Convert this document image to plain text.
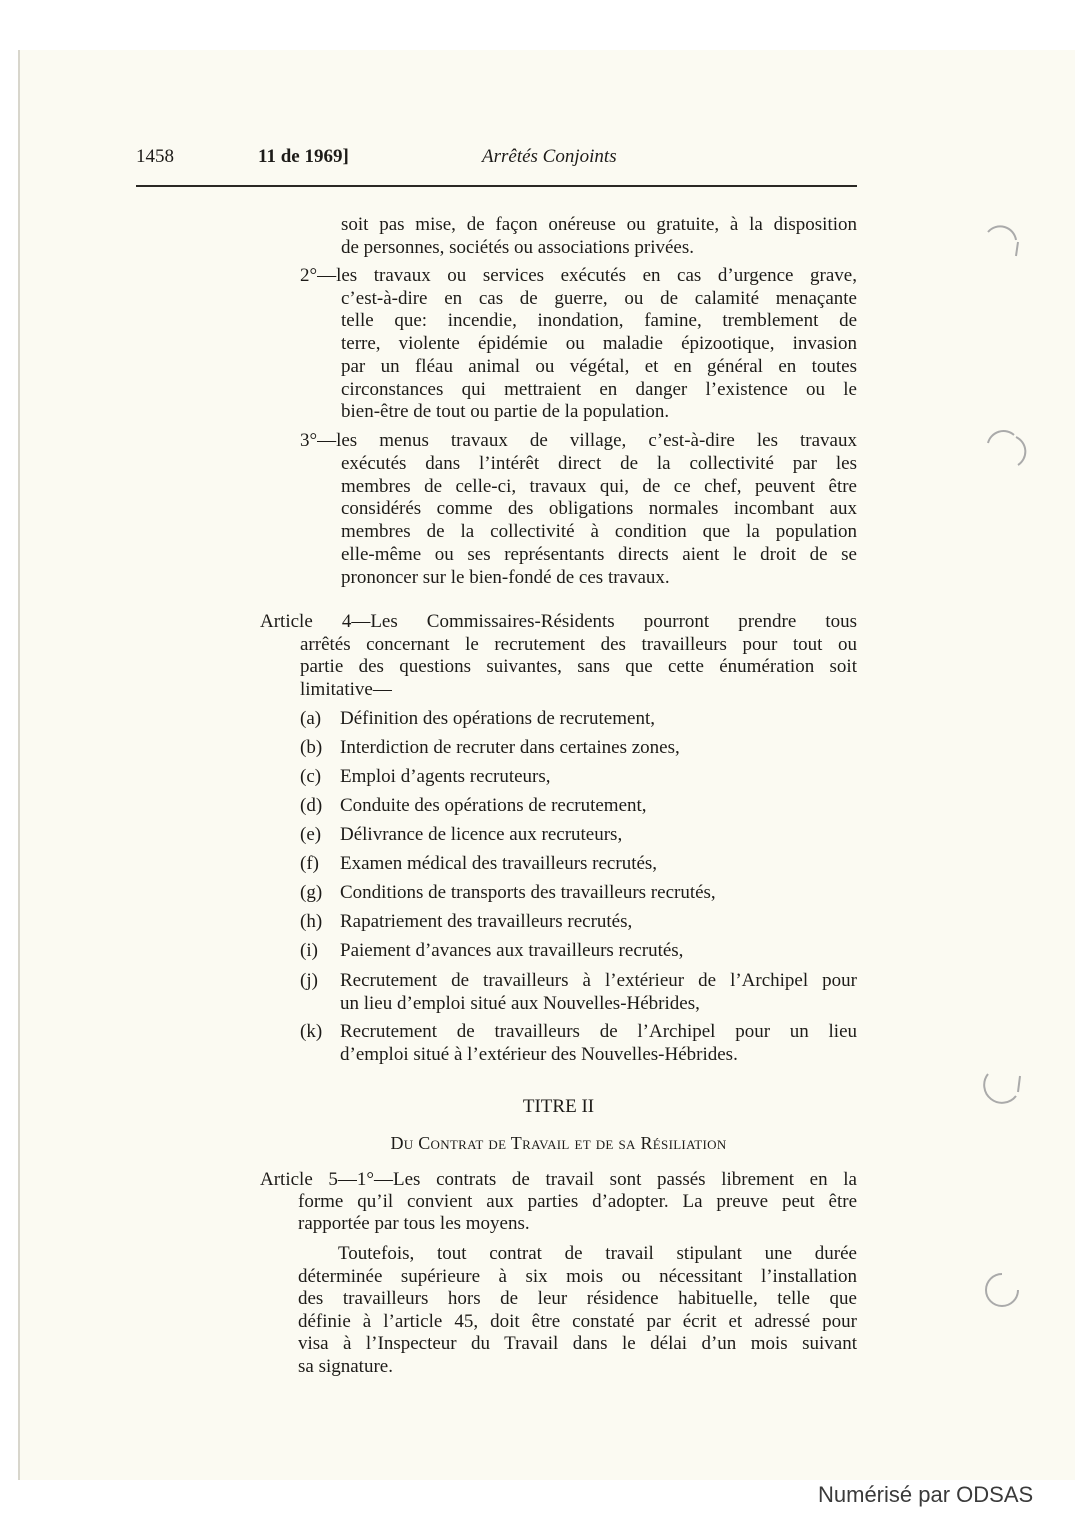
1458	11 de 1969]	Arrêtés Conjoints
soit pas mise, de façon onéreuse ou gratuite, à la disposition
de personnes, sociétés ou associations privées.
2°—les travaux ou services exécutés en cas d’urgence grave,
c’est-à-dire en cas de guerre, ou de calamité menaçante
telle que: incendie, inondation, famine, tremblement de
terre, violente épidémie ou maladie épizootique, invasion
par un fléau animal ou végétal, et en général en toutes
circonstances qui mettraient en danger l’existence ou le
bien-être de tout ou partie de la population.
3°—les menus travaux de village, c’est-à-dire les travaux
exécutés dans l’intérêt direct de la collectivité par les
membres de celle-ci, travaux qui, de ce chef, peuvent être
considérés comme des obligations normales incombant aux
membres de la collectivité à condition que la population
elle-même ou ses représentants directs aient le droit de se
prononcer sur le bien-fondé de ces travaux.
Article 4—Les Commissaires-Résidents pourront prendre tous
arrêtés concernant le recrutement des travailleurs pour tout ou
partie des questions suivantes, sans que cette énumération soit
limitative—
(a) Définition des opérations de recrutement,
(b) Interdiction de recruter dans certaines zones,
(c) Emploi d’agents recruteurs,
(d) Conduite des opérations de recrutement,
(e) Délivrance de licence aux recruteurs,
(f) Examen médical des travailleurs recrutés,
(g) Conditions de transports des travailleurs recrutés,
(h) Rapatriement des travailleurs recrutés,
(i) Paiement d’avances aux travailleurs recrutés,
(j) Recrutement de travailleurs à l’extérieur de l’Archipel pour
un lieu d’emploi situé aux Nouvelles-Hébrides,
(k) Recrutement de travailleurs de l’Archipel pour un lieu
d’emploi situé à l’extérieur des Nouvelles-Hébrides.
Article 5—1°—Les contrats de travail sont passés librement en la
forme qu’il convient aux parties d’adopter. La preuve peut être
rapportée par tous les moyens.
Toutefois, tout contrat de travail stipulant une durée
déterminée supérieure à six mois ou nécessitant l’installation
des travailleurs hors de leur résidence habituelle, telle que
définie à l’article 45, doit être constaté par écrit et adressé pour
visa à l’Inspecteur du Travail dans le délai d’un mois suivant
sa signature.
TITRE II
Du Contrat de Travail et de sa Résiliation
Numérisé par ODSAS
